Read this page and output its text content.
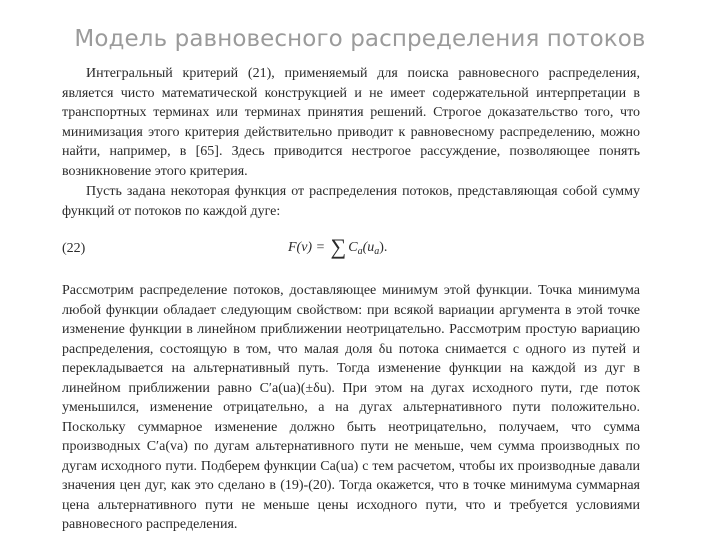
Модель равновесного распределения потоков

Интегральный критерий (21), применяемый для поиска равновесного распределения, является чисто математической конструкцией и не имеет содержательной интерпретации в транспортных терминах или терминах принятия решений. Строгое доказательство того, что минимизация этого критерия действительно приводит к равновесному распределению, можно найти, например, в [65]. Здесь приводится нестрогое рассуждение, позволяющее понять возникновение этого критерия.

Пусть задана некоторая функция от распределения потоков, представляющая собой сумму функций от потоков по каждой дуге:

(22)	F(v) = ∑ $C_a(u_a)$.

Рассмотрим распределение потоков, доставляющее минимум этой функции. Точка минимума любой функции обладает следующим свойством: при всякой вариации аргумента в этой точке изменение функции в линейном приближении неотрицательно. Рассмотрим простую вариацию распределения, состоящую в том, что малая доля δu потока снимается с одного из путей и перекладывается на альтернативный путь. Тогда изменение функции на каждой из дуг в линейном приближении равно C′a(ua)(±δu). При этом на дугах исходного пути, где поток уменьшился, изменение отрицательно, а на дугах альтернативного пути положительно. Поскольку суммарное изменение должно быть неотрицательно, получаем, что сумма производных C′a(va) по дугам альтернативного пути не меньше, чем сумма производных по дугам исходного пути. Подберем функции Ca(ua) с тем расчетом, чтобы их производные давали значения цен дуг, как это сделано в (19)-(20). Тогда окажется, что в точке минимума суммарная цена альтернативного пути не меньше цены исходного пути, что и требуется условиями равновесного распределения.
